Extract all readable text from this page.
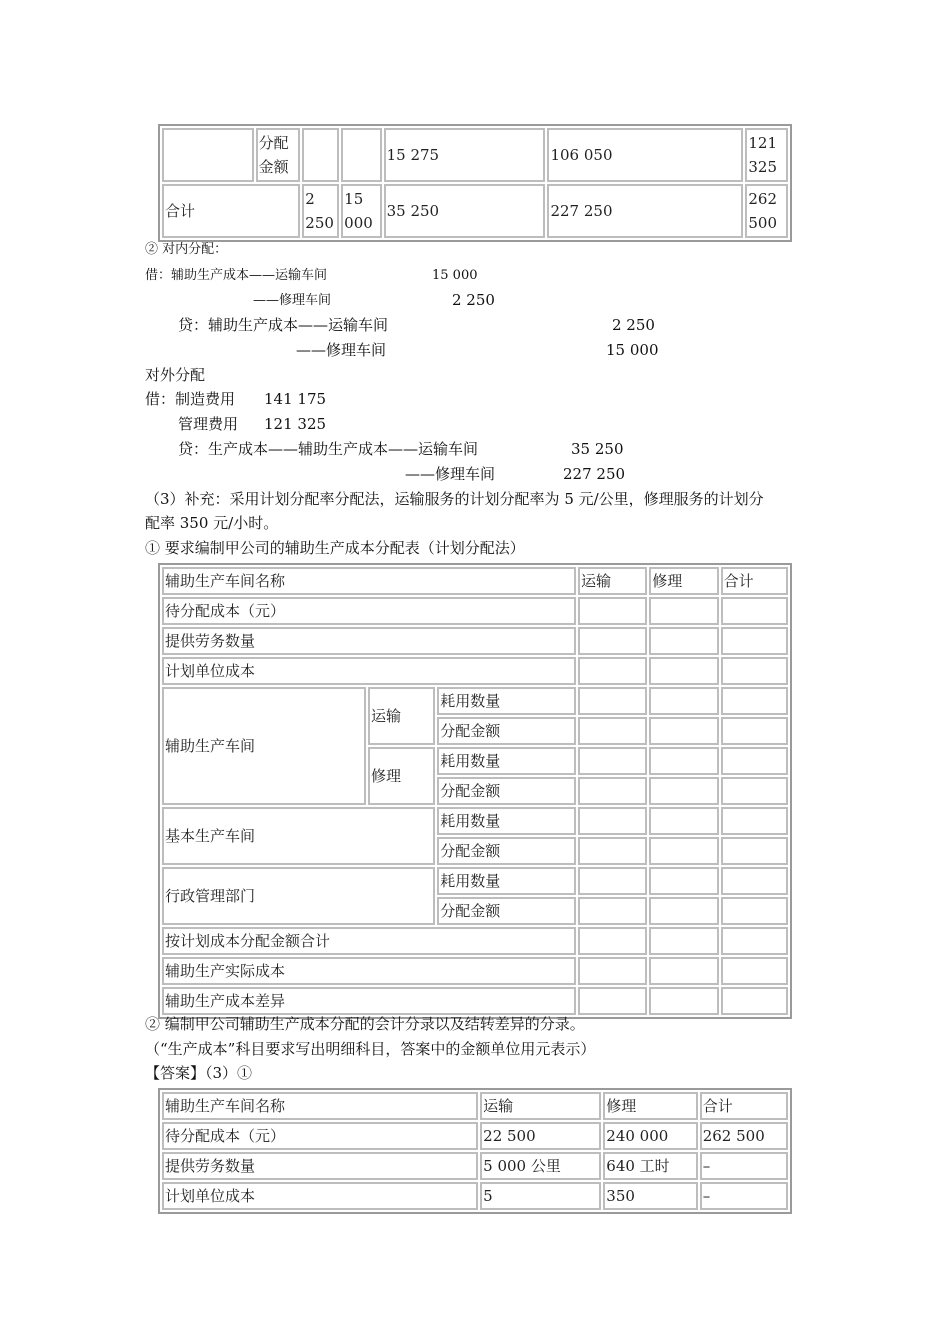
	分配金额			15 275	106 050	121 325
合计		2 250	15 000	35 250	227 250	262 500
② 对内分配：
借：辅助生产成本——运输车间	15 000
——修理车间	2 250
贷：辅助生产成本——运输车间	2 250
——修理车间	15 000
对外分配
借：制造费用 141 175
管理费用 121 325
贷：生产成本——辅助生产成本——运输车间	35 250
——修理车间	227 250
（3）补充：采用计划分配率分配法，运输服务的计划分配率为 5 元/公里，修理服务的计划分
配率 350 元/小时。
① 要求编制甲公司的辅助生产成本分配表（计划分配法）
辅助生产车间名称			运输	修理	合计
待分配成本（元）					
提供劳务数量					
计划单位成本					
辅助生产车间	运输	耗用数量			
		分配金额			
	修理	耗用数量			
		分配金额			
基本生产车间		耗用数量			
		分配金额			
行政管理部门		耗用数量			
		分配金额			
按计划成本分配金额合计					
辅助生产实际成本					
辅助生产成本差异					
② 编制甲公司辅助生产成本分配的会计分录以及结转差异的分录。
（“生产成本”科目要求写出明细科目，答案中的金额单位用元表示）
【答案】（3）①
辅助生产车间名称	运输	修理	合计
待分配成本（元）	22 500	240 000	262 500
提供劳务数量	5 000 公里	640 工时	–
计划单位成本	5	350	–
